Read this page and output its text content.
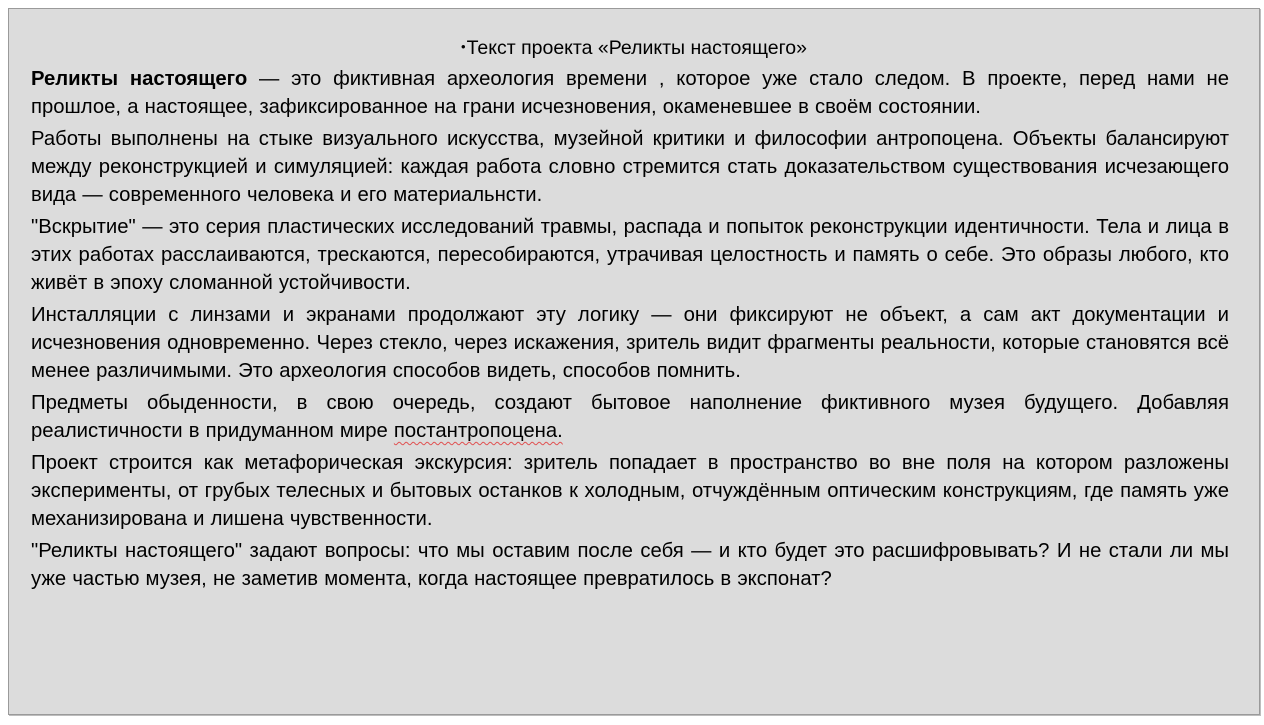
•Текст проекта «Реликты настоящего»
Реликты настоящего — это фиктивная археология времени , которое уже стало следом. В проекте, перед нами не прошлое, а настоящее, зафиксированное на грани исчезновения, окаменевшее в своём состоянии.
Работы выполнены на стыке визуального искусства, музейной критики и философии антропоцена. Объекты балансируют между реконструкцией и симуляцией: каждая работа словно стремится стать доказательством существования исчезающего вида — современного человека и его материальнсти.
"Вскрытие" — это серия пластических исследований травмы, распада и попыток реконструкции идентичности. Тела и лица в этих работах расслаиваются, трескаются, пересобираются, утрачивая целостность и память о себе. Это образы любого, кто живёт в эпоху сломанной устойчивости.
Инсталляции с линзами и экранами продолжают эту логику — они фиксируют не объект, а сам акт документации и исчезновения одновременно. Через стекло, через искажения, зритель видит фрагменты реальности, которые становятся всё менее различимыми. Это археология способов видеть, способов помнить.
Предметы обыденности, в свою очередь, создают бытовое наполнение фиктивного музея будущего. Добавляя реалистичности в придуманном мире постантропоцена.
Проект строится как метафорическая экскурсия: зритель попадает в пространство во вне поля на котором разложены эксперименты, от грубых телесных и бытовых останков к холодным, отчуждённым оптическим конструкциям, где память уже механизирована и лишена чувственности.
"Реликты настоящего" задают вопросы: что мы оставим после себя — и кто будет это расшифровывать? И не стали ли мы уже частью музея, не заметив момента, когда настоящее превратилось в экспонат?
